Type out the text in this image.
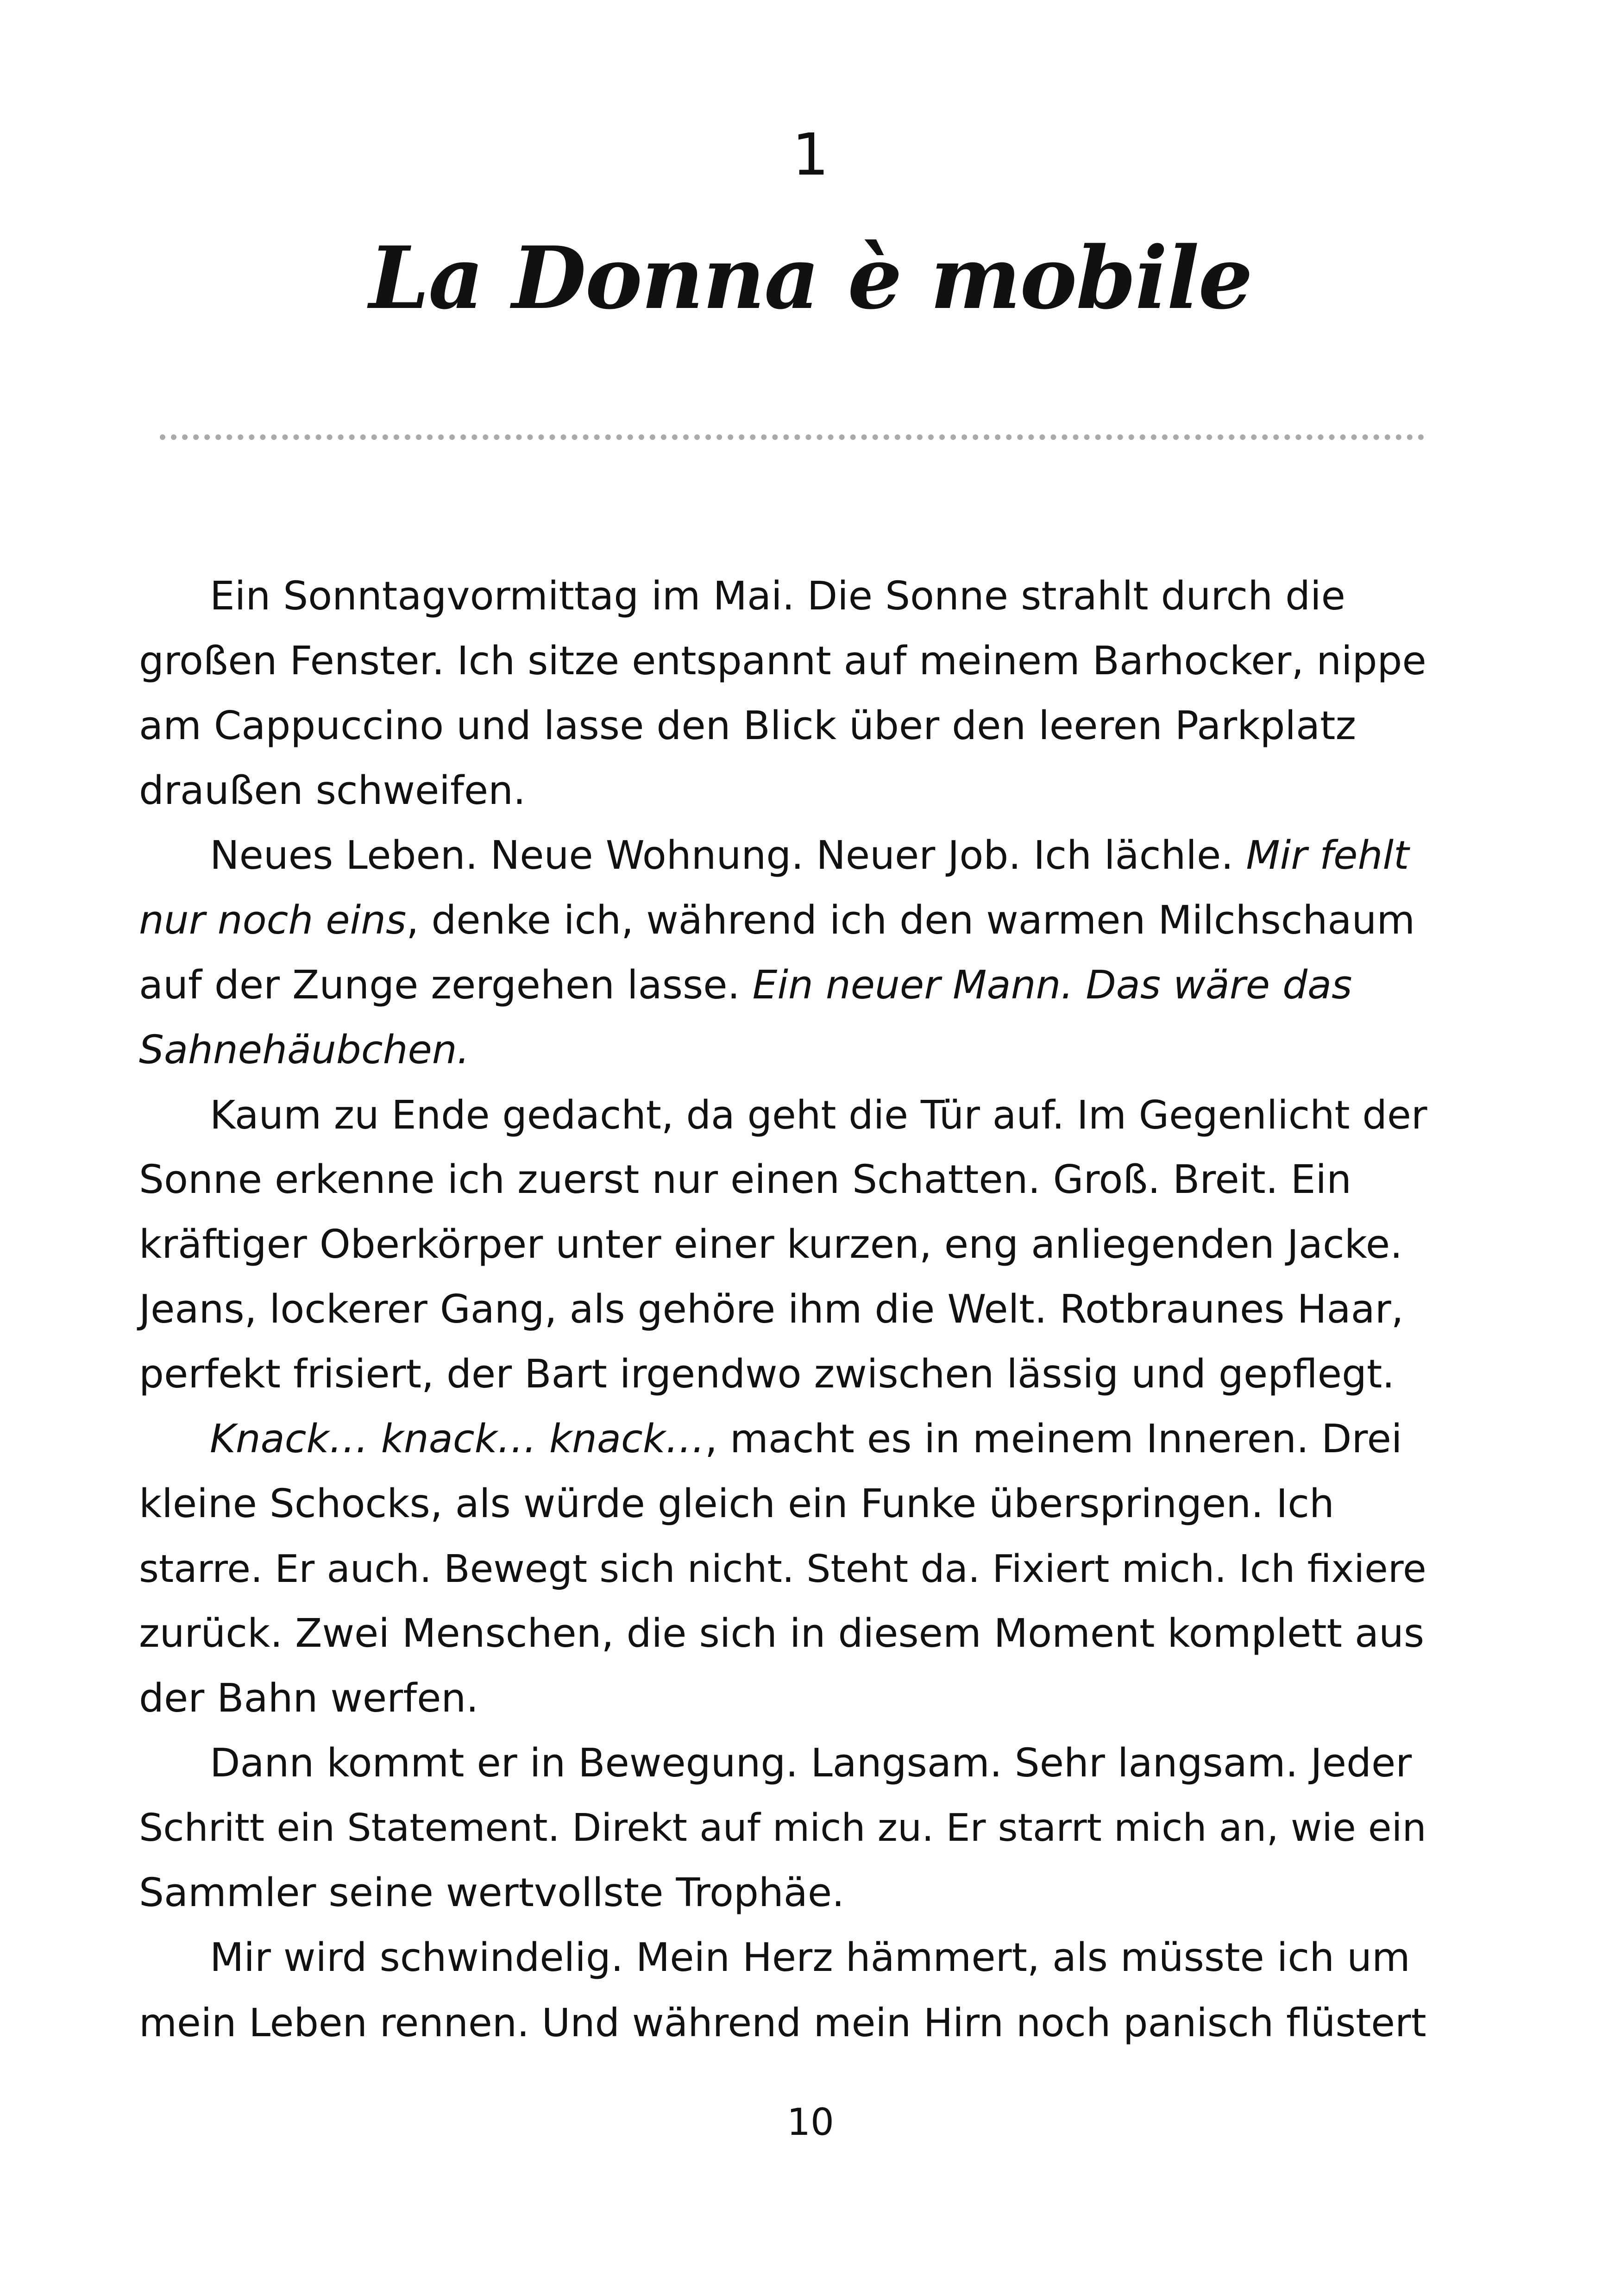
1
La Donna è mobile
Ein Sonntagvormittag im Mai. Die Sonne strahlt durch die
großen Fenster. Ich sitze entspannt auf meinem Barhocker, nippe
am Cappuccino und lasse den Blick über den leeren Parkplatz
draußen schweifen.
Neues Leben. Neue Wohnung. Neuer Job. Ich lächle. Mir fehlt
nur noch eins, denke ich, während ich den warmen Milchschaum
auf der Zunge zergehen lasse. Ein neuer Mann. Das wäre das
Sahnehäubchen.
Kaum zu Ende gedacht, da geht die Tür auf. Im Gegenlicht der
Sonne erkenne ich zuerst nur einen Schatten. Groß. Breit. Ein
kräftiger Oberkörper unter einer kurzen, eng anliegenden Jacke.
Jeans, lockerer Gang, als gehöre ihm die Welt. Rotbraunes Haar,
perfekt frisiert, der Bart irgendwo zwischen lässig und gepflegt.
Knack… knack… knack…, macht es in meinem Inneren. Drei
kleine Schocks, als würde gleich ein Funke überspringen. Ich
starre. Er auch. Bewegt sich nicht. Steht da. Fixiert mich. Ich fixiere
zurück. Zwei Menschen, die sich in diesem Moment komplett aus
der Bahn werfen.
Dann kommt er in Bewegung. Langsam. Sehr langsam. Jeder
Schritt ein Statement. Direkt auf mich zu. Er starrt mich an, wie ein
Sammler seine wertvollste Trophäe.
Mir wird schwindelig. Mein Herz hämmert, als müsste ich um
mein Leben rennen. Und während mein Hirn noch panisch flüstert
10
